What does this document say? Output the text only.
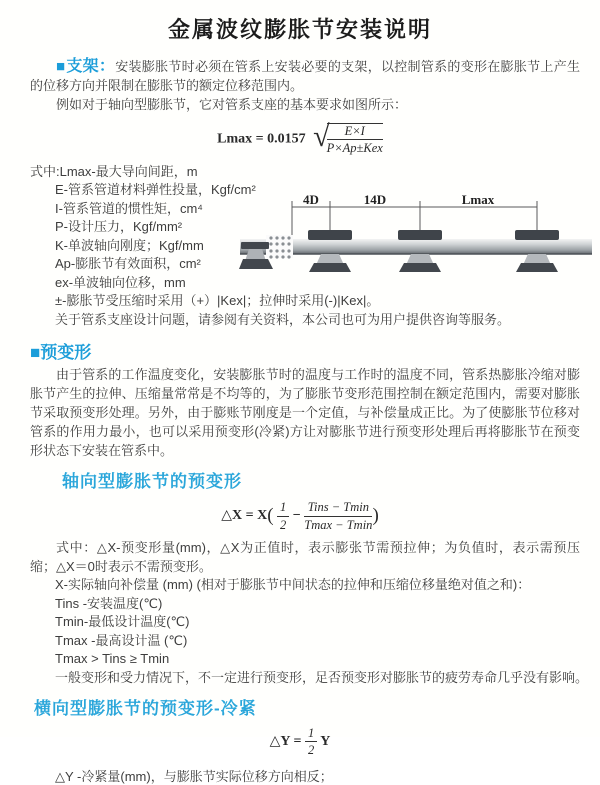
金属波纹膨胀节安装说明

■支架：安装膨胀节时必须在管系上安装必要的支架，以控制管系的变形在膨胀节上产生的位移方向并限制在膨胀节的额定位移范围内。

例如对于轴向型膨胀节，它对管系支座的基本要求如图所示：

Lmax = 0.0157 √
$\frac{E\times I}{\text{P×Ap±Kex}}$
式中:Lmax-最大导向间距，m
E-管系管道材料弹性投量，Kgf/cm²
I-管系管道的惯性矩，cm⁴
P-设计压力，Kgf/mm²
K-单波轴向刚度；Kgf/mm
Ap-膨胀节有效面积，cm²
ex-单波轴向位移，mm
±-膨胀节受压缩时采用（+）|Kex|；拉伸时采用(-)|Kex|。
关于管系支座设计问题，请参阅有关资料，本公司也可为用户提供咨询等服务。
4D	14D	Lmax
■预变形

由于管系的工作温度变化，安装膨胀节时的温度与工作时的温度不同，管系热膨胀冷缩对膨胀节产生的拉伸、压缩量常常是不均等的，为了膨胀节变形范围控制在额定范围内，需要对膨胀节采取预变形处理。另外，由于膨账节刚度是一个定值，与补偿量成正比。为了使膨胀节位移对管系的作用力最小，也可以采用预变形(冷紧)方让对膨胀节进行预变形处理后再将膨胀节在预变形状态下安装在管系中。

轴向型膨胀节的预变形
△X = $X( \frac{1}{2} - \frac{\text{Tins − Tmin}}{Tmax - Tmin}$ )

式中：△X-预变形量(mm)，△X为正值时，表示膨张节需预拉伸；为负值时，表示需预压缩；△X＝0时表示不需预变形。

X-实际轴向补偿量 (mm) (相对于膨胀节中间状态的拉伸和压缩位移量绝对值之和)：
Tins -安装温度(℃)
Tmin-最低设计温度(℃)
Tmax -最高设计温 (℃)
Tmax > Tins ≥ Tmin
一般变形和受力情况下，不一定进行预变形，足否预变形对膨胀节的疲劳寿命几乎没有影响。
横向型膨胀节的预变形-冷紧
△Y = $\frac{1}{2}$ Y
△Y -冷紧量(mm)，与膨胀节实际位移方向相反；
